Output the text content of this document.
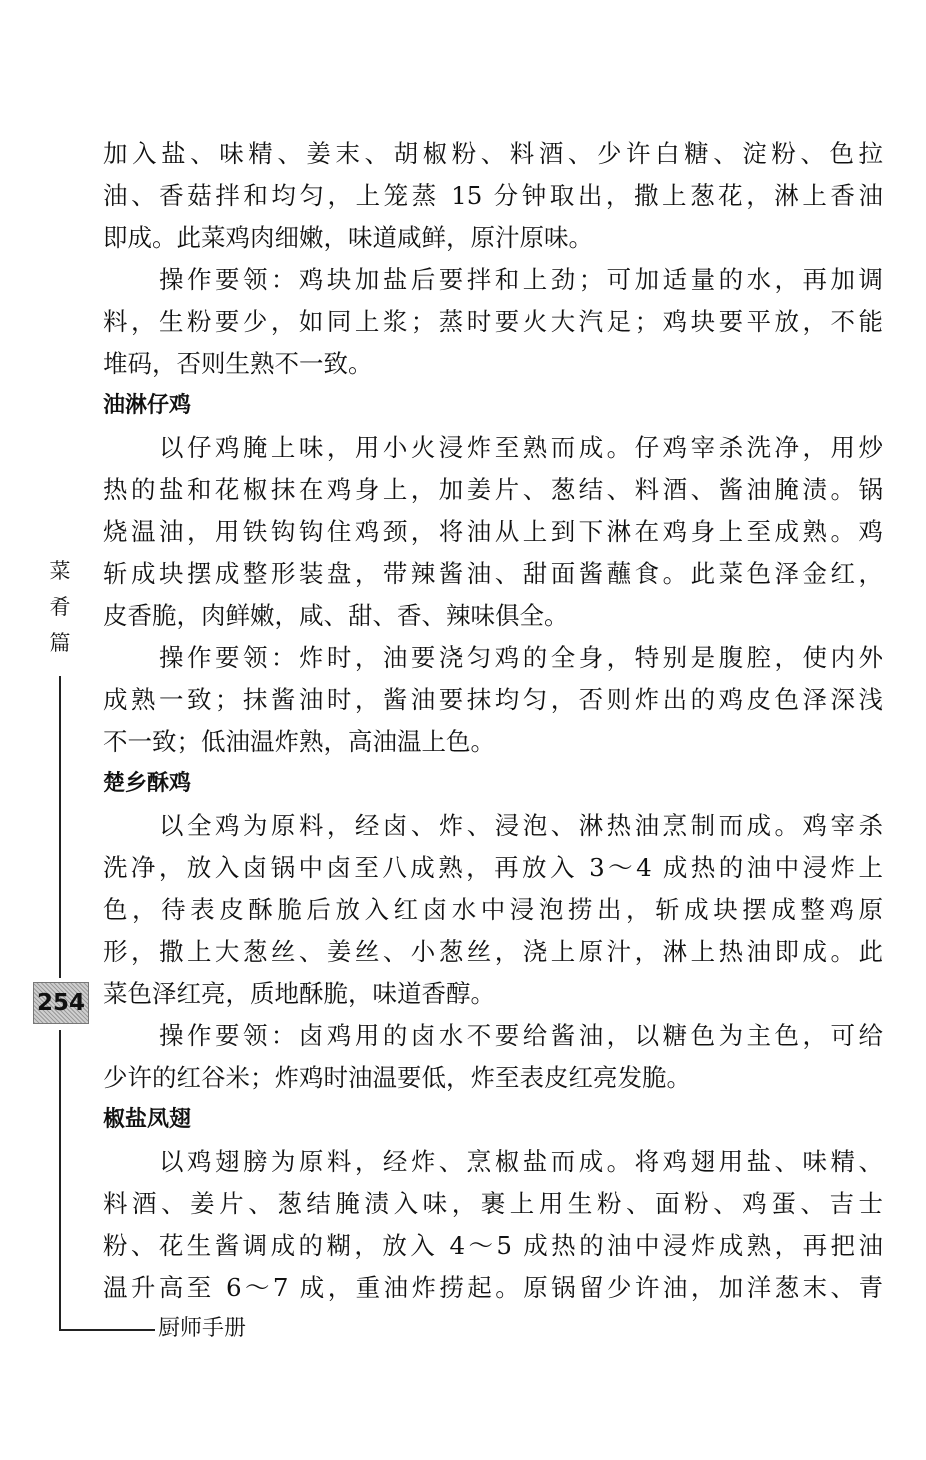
加入盐、味精、姜末、胡椒粉、料酒、少许白糖、淀粉、色拉
油、香菇拌和均匀，上笼蒸 15 分钟取出，撒上葱花，淋上香油
即成。此菜鸡肉细嫩，味道咸鲜，原汁原味。
操作要领：鸡块加盐后要拌和上劲；可加适量的水，再加调
料，生粉要少，如同上浆；蒸时要火大汽足；鸡块要平放，不能
堆码，否则生熟不一致。
油淋仔鸡
以仔鸡腌上味，用小火浸炸至熟而成。仔鸡宰杀洗净，用炒
热的盐和花椒抹在鸡身上，加姜片、葱结、料酒、酱油腌渍。锅
烧温油，用铁钩钩住鸡颈，将油从上到下淋在鸡身上至成熟。鸡
斩成块摆成整形装盘，带辣酱油、甜面酱蘸食。此菜色泽金红，
皮香脆，肉鲜嫩，咸、甜、香、辣味俱全。
操作要领：炸时，油要浇匀鸡的全身，特别是腹腔，使内外
成熟一致；抹酱油时，酱油要抹均匀，否则炸出的鸡皮色泽深浅
不一致；低油温炸熟，高油温上色。
楚乡酥鸡
以全鸡为原料，经卤、炸、浸泡、淋热油烹制而成。鸡宰杀
洗净，放入卤锅中卤至八成熟，再放入 3～4 成热的油中浸炸上
色，待表皮酥脆后放入红卤水中浸泡捞出，斩成块摆成整鸡原
形，撒上大葱丝、姜丝、小葱丝，浇上原汁，淋上热油即成。此
菜色泽红亮，质地酥脆，味道香醇。
操作要领：卤鸡用的卤水不要给酱油，以糖色为主色，可给
少许的红谷米；炸鸡时油温要低，炸至表皮红亮发脆。
椒盐凤翅
以鸡翅膀为原料，经炸、烹椒盐而成。将鸡翅用盐、味精、
料酒、姜片、葱结腌渍入味，裹上用生粉、面粉、鸡蛋、吉士
粉、花生酱调成的糊，放入 4～5 成热的油中浸炸成熟，再把油
温升高至 6～7 成，重油炸捞起。原锅留少许油，加洋葱末、青
菜
肴
篇
254
厨师手册
